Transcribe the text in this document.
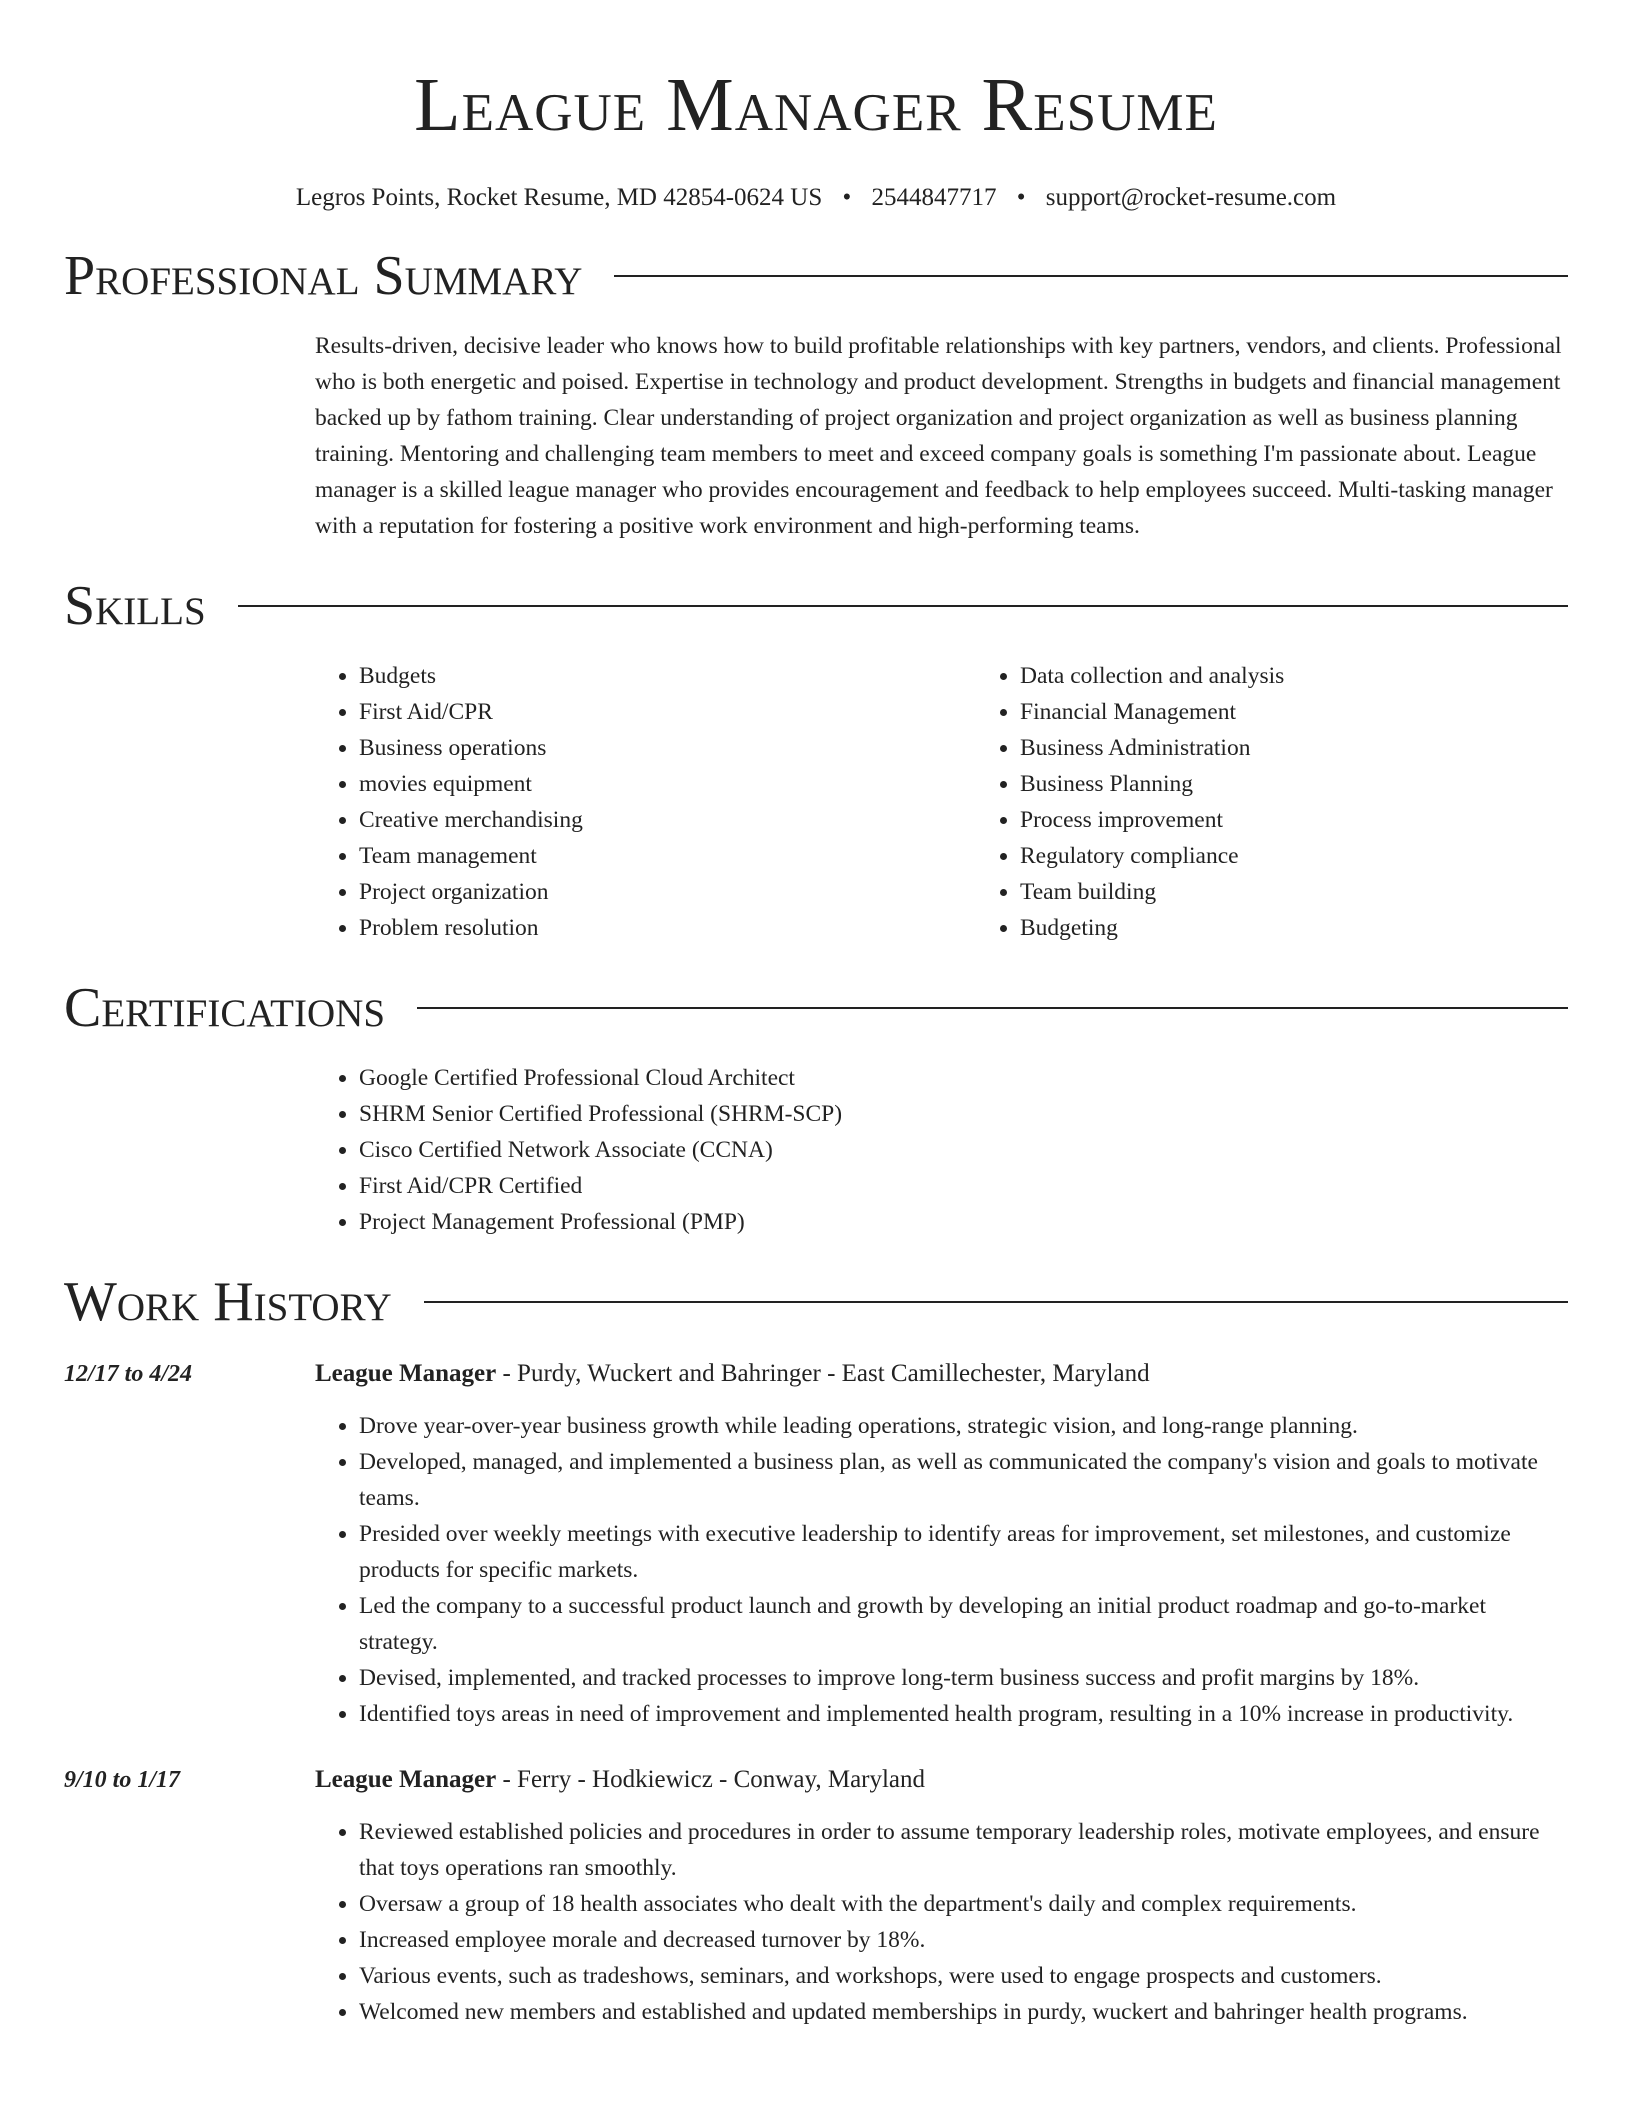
League Manager Resume
Legros Points, Rocket Resume, MD 42854-0624 US • 2544847717 • support@rocket-resume.com
Professional Summary

Results-driven, decisive leader who knows how to build profitable relationships with key partners, vendors, and clients. Professional who is both energetic and poised. Expertise in technology and product development. Strengths in budgets and financial management backed up by fathom training. Clear understanding of project organization and project organization as well as business planning training. Mentoring and challenging team members to meet and exceed company goals is something I'm passionate about. League manager is a skilled league manager who provides encouragement and feedback to help employees succeed. Multi-tasking manager with a reputation for fostering a positive work environment and high-performing teams.

Skills
• Budgets
• First Aid/CPR
• Business operations
• movies equipment
• Creative merchandising
• Team management
• Project organization
• Problem resolution
• Data collection and analysis
• Financial Management
• Business Administration
• Business Planning
• Process improvement
• Regulatory compliance
• Team building
• Budgeting
Certifications
• Google Certified Professional Cloud Architect
• SHRM Senior Certified Professional (SHRM-SCP)
• Cisco Certified Network Associate (CCNA)
• First Aid/CPR Certified
• Project Management Professional (PMP)
Work History
12/17 to 4/24	League Manager - Purdy, Wuckert and Bahringer - East Camillechester, Maryland
• Drove year-over-year business growth while leading operations, strategic vision, and long-range planning.
• Developed, managed, and implemented a business plan, as well as communicated the company's vision and goals to motivate teams.
• Presided over weekly meetings with executive leadership to identify areas for improvement, set milestones, and customize products for specific markets.
• Led the company to a successful product launch and growth by developing an initial product roadmap and go-to-market strategy.
• Devised, implemented, and tracked processes to improve long-term business success and profit margins by 18%.
• Identified toys areas in need of improvement and implemented health program, resulting in a 10% increase in productivity.
9/10 to 1/17	League Manager - Ferry - Hodkiewicz - Conway, Maryland
• Reviewed established policies and procedures in order to assume temporary leadership roles, motivate employees, and ensure that toys operations ran smoothly.
• Oversaw a group of 18 health associates who dealt with the department's daily and complex requirements.
• Increased employee morale and decreased turnover by 18%.
• Various events, such as tradeshows, seminars, and workshops, were used to engage prospects and customers.
• Welcomed new members and established and updated memberships in purdy, wuckert and bahringer health programs.
